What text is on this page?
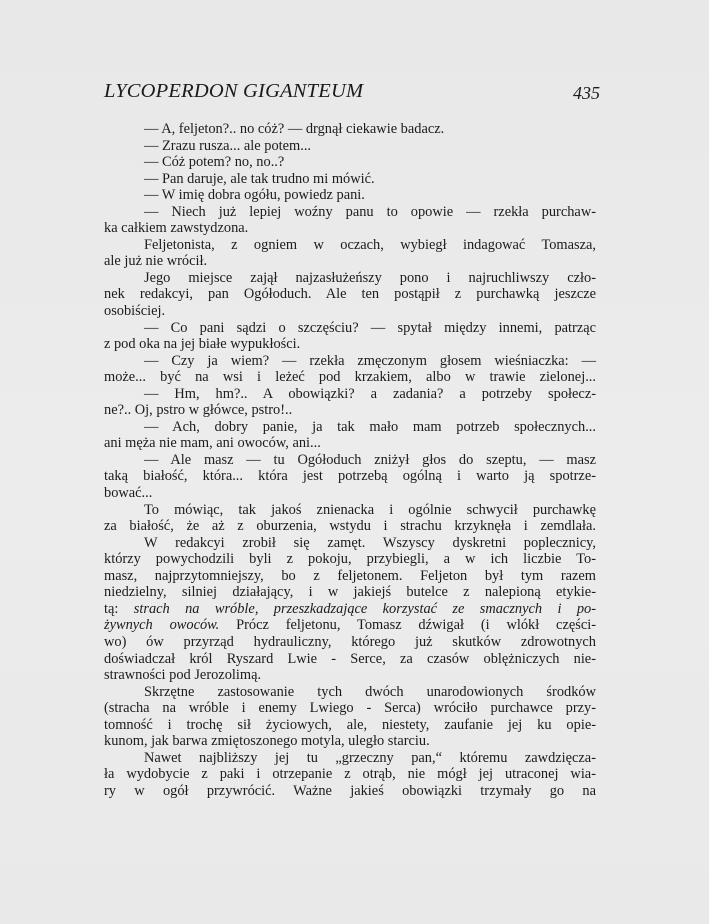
LYCOPERDON GIGANTEUM	435
— A, feljeton?.. no cóż? — drgnął ciekawie badacz.
— Zrazu rusza... ale potem...
— Cóż potem? no, no..?
— Pan daruje, ale tak trudno mi mówić.
— W imię dobra ogółu, powiedz pani.
— Niech już lepiej woźny panu to opowie — rzekła purchaw-
ka całkiem zawstydzona.
Feljetonista, z ogniem w oczach, wybiegł indagować Tomasza,
ale już nie wrócił.
Jego miejsce zajął najzasłużeńszy pono i najruchliwszy czło-
nek redakcyi, pan Ogółoduch. Ale ten postąpił z purchawką jeszcze
osobiściej.
— Co pani sądzi o szczęściu? — spytał między innemi, patrząc
z pod oka na jej białe wypukłości.
— Czy ja wiem? — rzekła zmęczonym głosem wieśniaczka: —
może... być na wsi i leżeć pod krzakiem, albo w trawie zielonej...
— Hm, hm?.. A obowiązki? a zadania? a potrzeby społecz-
ne?.. Oj, pstro w główce, pstro!..
— Ach, dobry panie, ja tak mało mam potrzeb społecznych...
ani męża nie mam, ani owoców, ani...
— Ale masz — tu Ogółoduch zniżył głos do szeptu, — masz
taką białość, która... która jest potrzebą ogólną i warto ją spotrze-
bować...
To mówiąc, tak jakoś znienacka i ogólnie schwycił purchawkę
za białość, że aż z oburzenia, wstydu i strachu krzyknęła i zemdlała.
W redakcyi zrobił się zamęt. Wszyscy dyskretni poplecznicy,
którzy powychodzili byli z pokoju, przybiegli, a w ich liczbie To-
masz, najprzytomniejszy, bo z feljetonem. Feljeton był tym razem
niedzielny, silniej działający, i w jakiejś butelce z nalepioną etykie-
tą: strach na wróble, przeszkadzające korzystać ze smacznych i po-
żywnych owoców. Prócz feljetonu, Tomasz dźwigał (i wlókł części-
wo) ów przyrząd hydrauliczny, którego już skutków zdrowotnych
doświadczał król Ryszard Lwie - Serce, za czasów oblężniczych nie-
strawności pod Jerozolimą.
Skrzętne zastosowanie tych dwóch unarodowionych środków
(stracha na wróble i enemy Lwiego - Serca) wróciło purchawce przy-
tomność i trochę sił życiowych, ale, niestety, zaufanie jej ku opie-
kunom, jak barwa zmiętoszonego motyla, uległo starciu.
Nawet najbliższy jej tu „grzeczny pan,“ któremu zawdzięcza-
ła wydobycie z paki i otrzepanie z otrąb, nie mógł jej utraconej wia-
ry w ogół przywrócić. Ważne jakieś obowiązki trzymały go na
